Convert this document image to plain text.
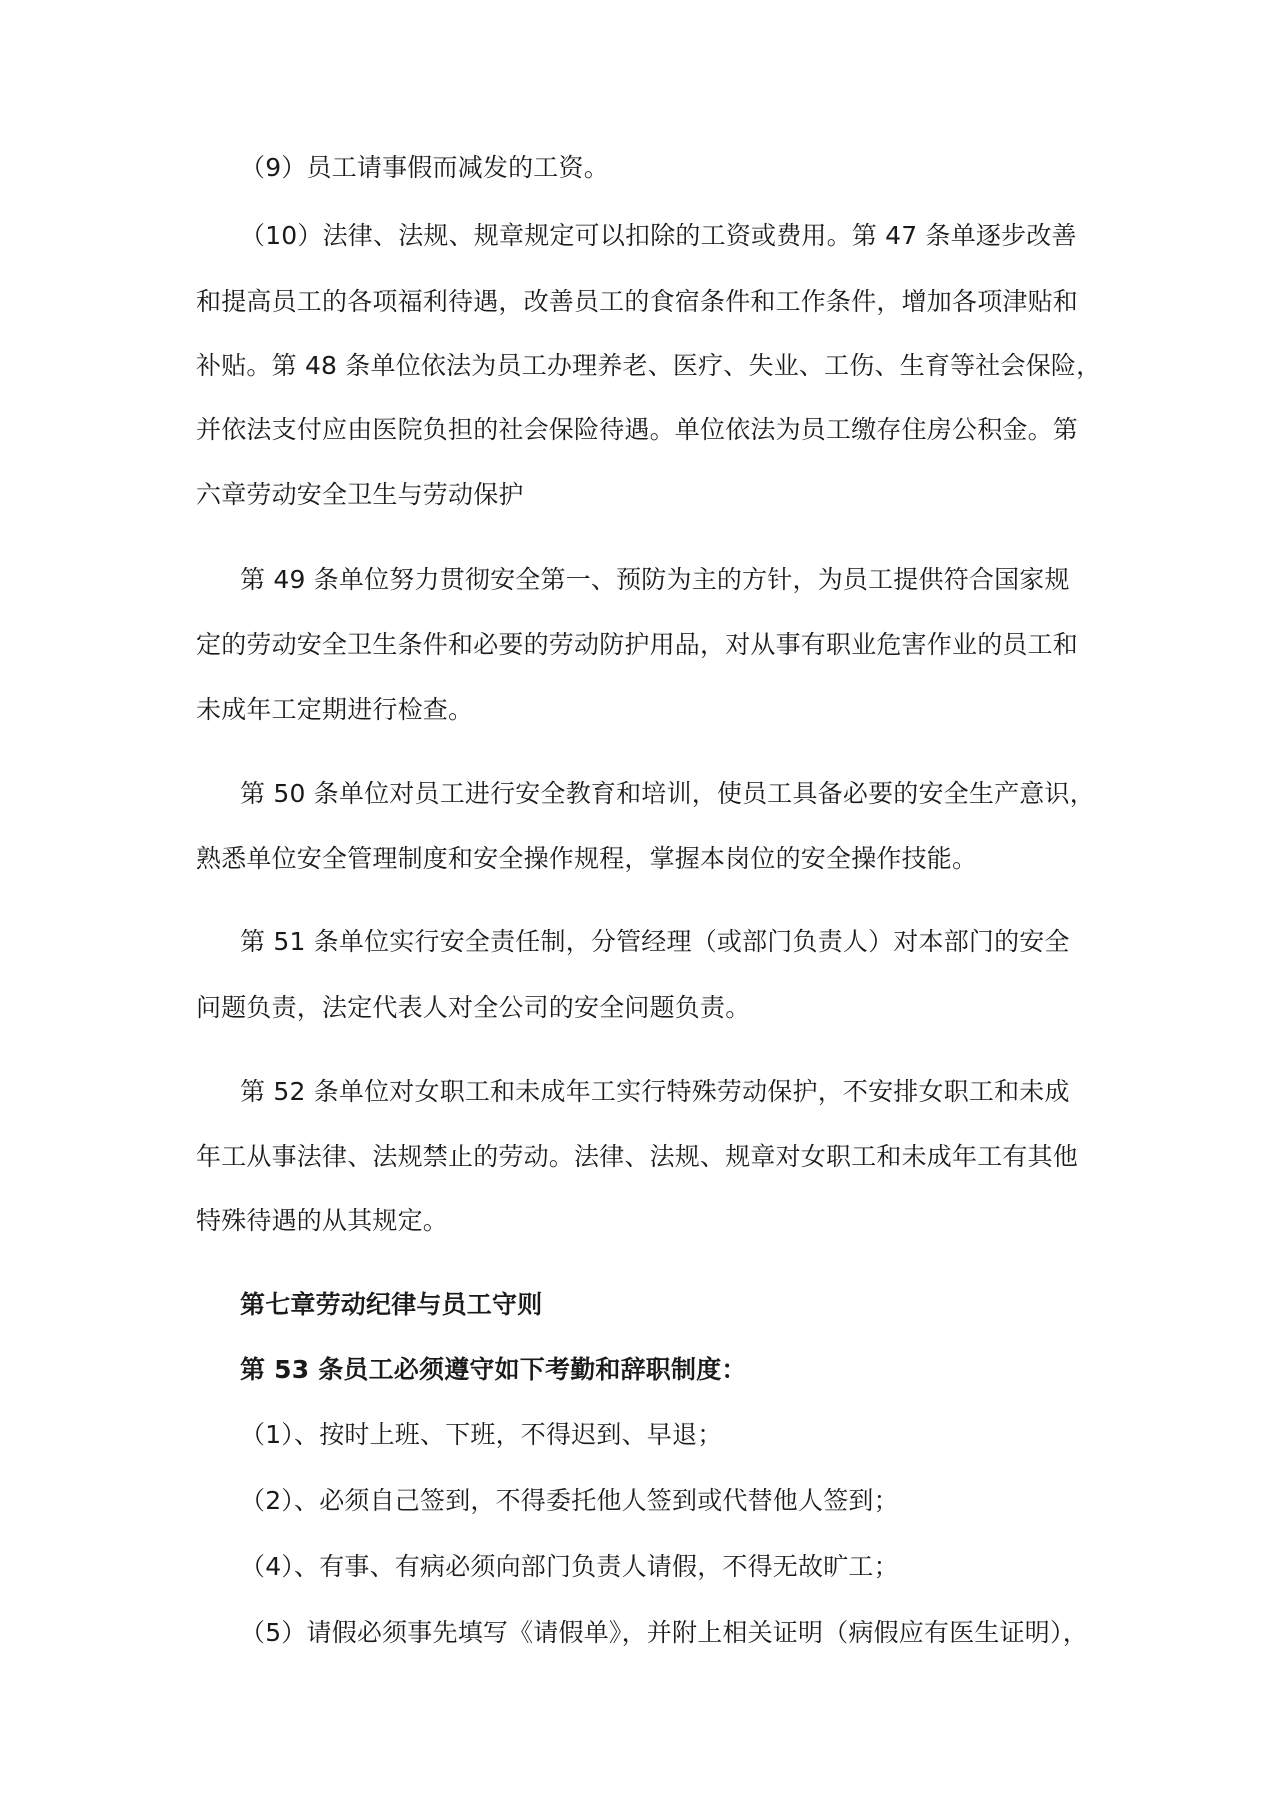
（9）员工请事假而减发的工资。
（10）法律、法规、规章规定可以扣除的工资或费用。第 47 条单逐步改善
和提高员工的各项福利待遇，改善员工的食宿条件和工作条件，增加各项津贴和
补贴。第 48 条单位依法为员工办理养老、医疗、失业、工伤、生育等社会保险，
并依法支付应由医院负担的社会保险待遇。单位依法为员工缴存住房公积金。第
六章劳动安全卫生与劳动保护
第 49 条单位努力贯彻安全第一、预防为主的方针，为员工提供符合国家规
定的劳动安全卫生条件和必要的劳动防护用品，对从事有职业危害作业的员工和
未成年工定期进行检查。
第 50 条单位对员工进行安全教育和培训，使员工具备必要的安全生产意识，
熟悉单位安全管理制度和安全操作规程，掌握本岗位的安全操作技能。
第 51 条单位实行安全责任制，分管经理（或部门负责人）对本部门的安全
问题负责，法定代表人对全公司的安全问题负责。
第 52 条单位对女职工和未成年工实行特殊劳动保护，不安排女职工和未成
年工从事法律、法规禁止的劳动。法律、法规、规章对女职工和未成年工有其他
特殊待遇的从其规定。
第七章劳动纪律与员工守则
第 53 条员工必须遵守如下考勤和辞职制度：
（1）、按时上班、下班，不得迟到、早退；
（2）、必须自己签到，不得委托他人签到或代替他人签到；
（4）、有事、有病必须向部门负责人请假，不得无故旷工；
（5）请假必须事先填写《请假单》，并附上相关证明（病假应有医生证明），
